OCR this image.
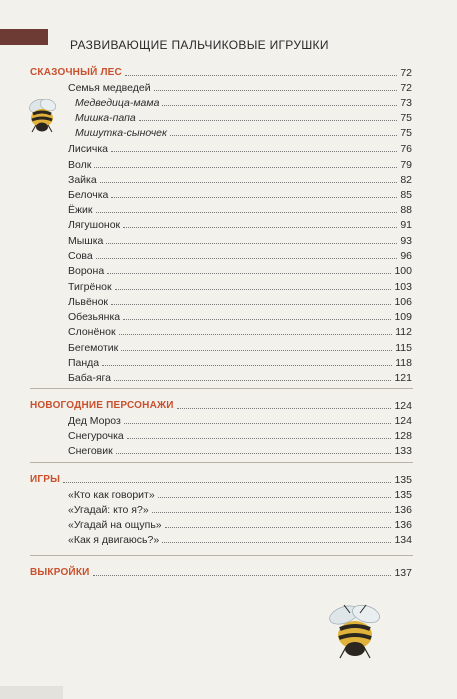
РАЗВИВАЮЩИЕ ПАЛЬЧИКОВЫЕ ИГРУШКИ
СКАЗОЧНЫЙ ЛЕС	72
Семья медведей	72
Медведица-мама	73
Мишка-папа	75
Мишутка-сыночек	75
Лисичка	76
Волк	79
Зайка	82
Белочка	85
Ёжик	88
Лягушонок	91
Мышка	93
Сова	96
Ворона	100
Тигрёнок	103
Львёнок	106
Обезьянка	109
Слонёнок	112
Бегемотик	115
Панда	118
Баба-яга	121
НОВОГОДНИЕ ПЕРСОНАЖИ	124
Дед Мороз	124
Снегурочка	128
Снеговик	133
ИГРЫ	135
«Кто как говорит»	135
«Угадай: кто я?»	136
«Угадай на ощупь»	136
«Как я двигаюсь?»	134
ВЫКРОЙКИ	137
